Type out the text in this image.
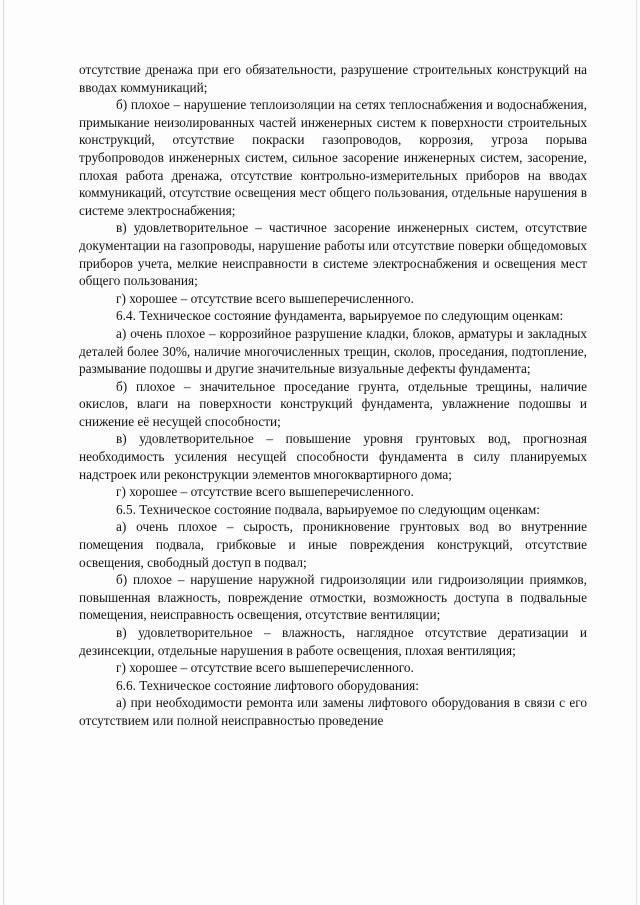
отсутствие дренажа при его обязательности, разрушение строительных конструкций на вводах коммуникаций;

б) плохое – нарушение теплоизоляции на сетях теплоснабжения и водоснабжения, примыкание неизолированных частей инженерных систем к поверхности строительных конструкций, отсутствие покраски газопроводов, коррозия, угроза порыва трубопроводов инженерных систем, сильное засорение инженерных систем, засорение, плохая работа дренажа, отсутствие контрольно-измерительных приборов на вводах коммуникаций, отсутствие освещения мест общего пользования, отдельные нарушения в системе электроснабжения;

в) удовлетворительное – частичное засорение инженерных систем, отсутствие документации на газопроводы, нарушение работы или отсутствие поверки общедомовых приборов учета, мелкие неисправности в системе электроснабжения и освещения мест общего пользования;

г) хорошее – отсутствие всего вышеперечисленного.

6.4. Техническое состояние фундамента, варьируемое по следующим оценкам:

а) очень плохое – коррозийное разрушение кладки, блоков, арматуры и закладных деталей более 30%, наличие многочисленных трещин, сколов, проседания, подтопление, размывание подошвы и другие значительные визуальные дефекты фундамента;

б) плохое – значительное проседание грунта, отдельные трещины, наличие окислов, влаги на поверхности конструкций фундамента, увлажнение подошвы и снижение её несущей способности;

в) удовлетворительное – повышение уровня грунтовых вод, прогнозная необходимость усиления несущей способности фундамента в силу планируемых надстроек или реконструкции элементов многоквартирного дома;

г) хорошее – отсутствие всего вышеперечисленного.

6.5. Техническое состояние подвала, варьируемое по следующим оценкам:

а) очень плохое – сырость, проникновение грунтовых вод во внутренние помещения подвала, грибковые и иные повреждения конструкций, отсутствие освещения, свободный доступ в подвал;

б) плохое – нарушение наружной гидроизоляции или гидроизоляции приямков, повышенная влажность, повреждение отмостки, возможность доступа в подвальные помещения, неисправность освещения, отсутствие вентиляции;

в) удовлетворительное – влажность, наглядное отсутствие дератизации и дезинсекции, отдельные нарушения в работе освещения, плохая вентиляция;

г) хорошее – отсутствие всего вышеперечисленного.

6.6. Техническое состояние лифтового оборудования:

а) при необходимости ремонта или замены лифтового оборудования в связи с его отсутствием или полной неисправностью проведение
